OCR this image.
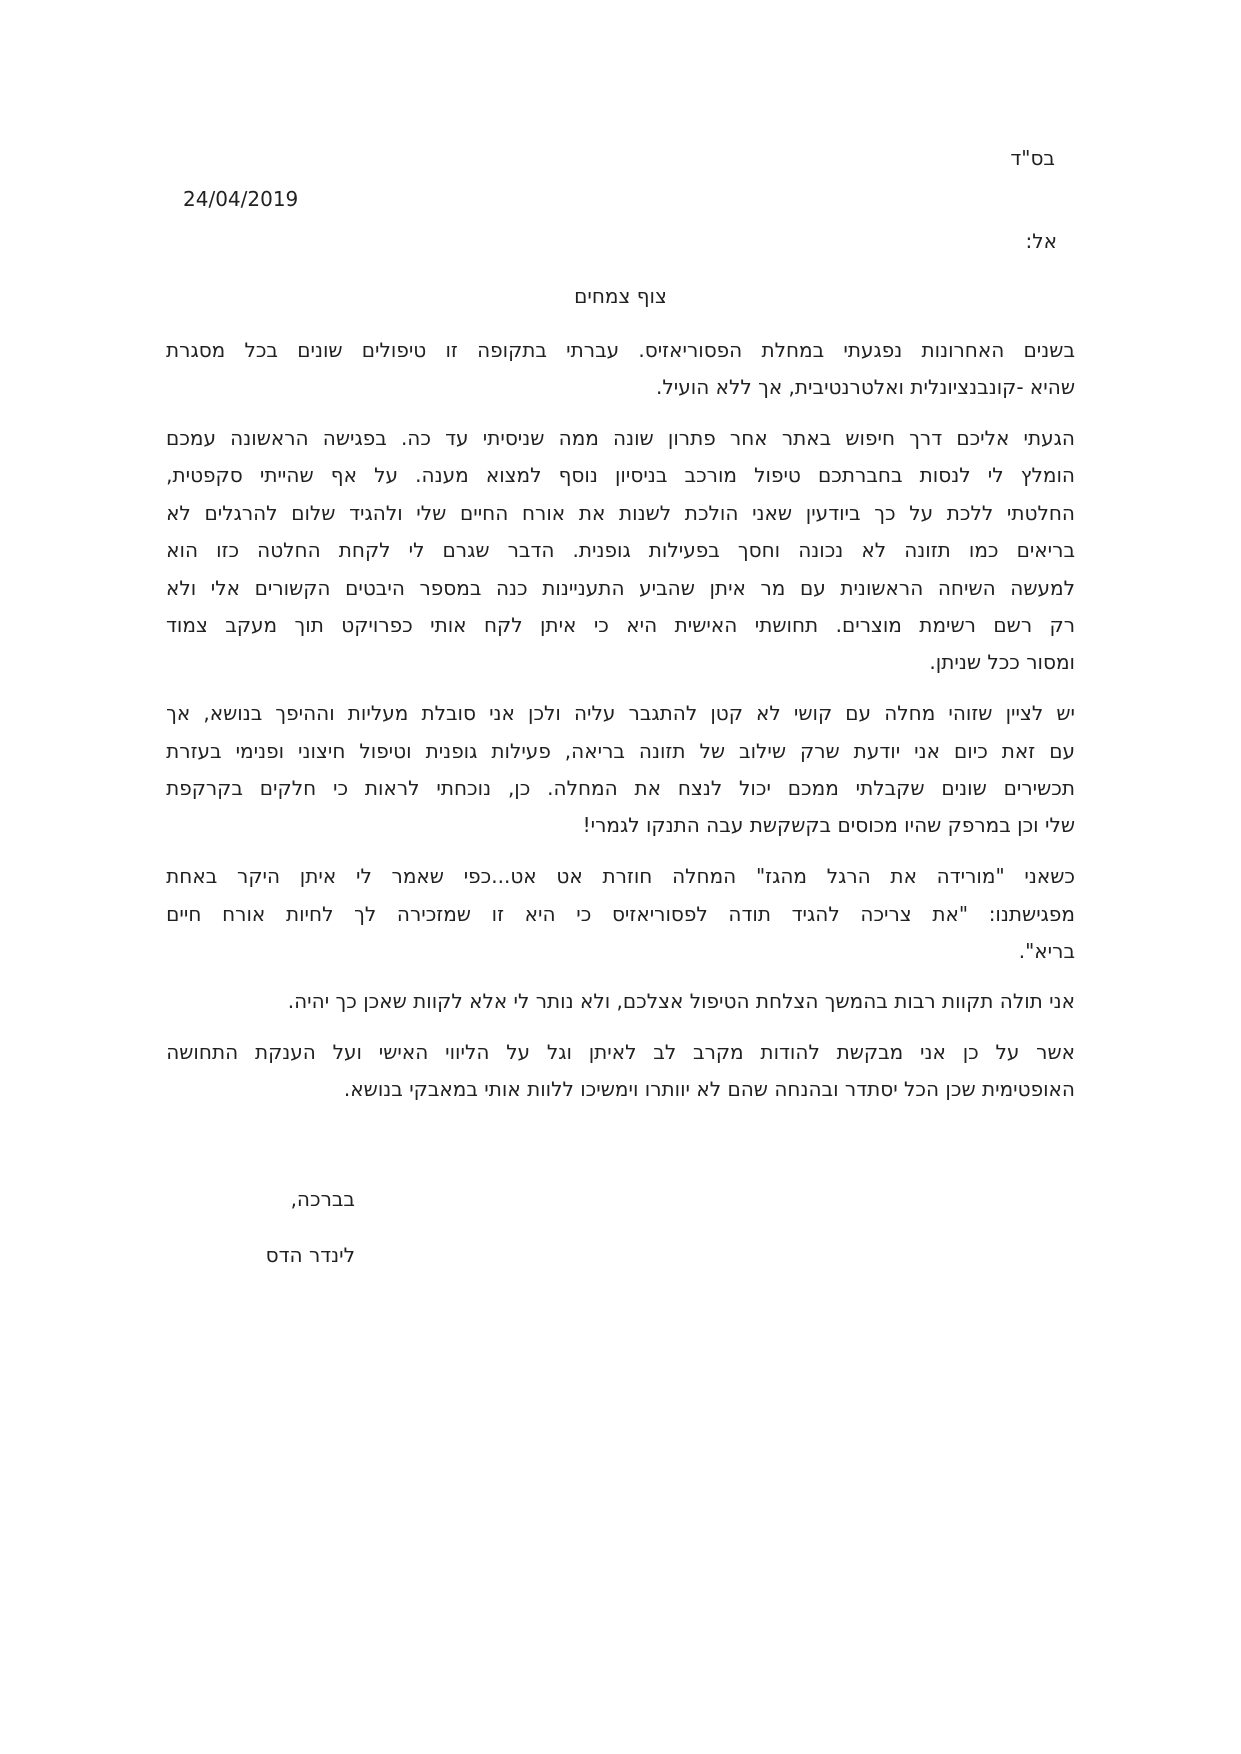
בס"ד
24/04/2019
אל:
צוף צמחים
בשנים
האחרונות
נפגעתי
במחלת
הפסוריאזיס.
עברתי
בתקופה
זו
טיפולים
שונים
בכל
מסגרת
שהיא -קונבנציונלית ואלטרנטיבית, אך ללא הועיל.
הגעתי
אליכם
דרך
חיפוש
באתר
אחר
פתרון
שונה
ממה
שניסיתי
עד
כה.
בפגישה
הראשונה
עמכם
הומלץ
לי
לנסות
בחברתכם
טיפול
מורכב
בניסיון
נוסף
למצוא
מענה.
על
אף
שהייתי
סקפטית,
החלטתי
ללכת
על
כך
ביודעין
שאני
הולכת
לשנות
את
אורח
החיים
שלי
ולהגיד
שלום
להרגלים
לא
בריאים
כמו
תזונה
לא
נכונה
וחסך
בפעילות
גופנית.
הדבר
שגרם
לי
לקחת
החלטה
כזו
הוא
למעשה
השיחה
הראשונית
עם
מר
איתן
שהביע
התעניינות
כנה
במספר
היבטים
הקשורים
אלי
ולא
רק
רשם
רשימת
מוצרים.
תחושתי
האישית
היא
כי
איתן
לקח
אותי
כפרויקט
תוך
מעקב
צמוד
ומסור ככל שניתן.
יש
לציין
שזוהי
מחלה
עם
קושי
לא
קטן
להתגבר
עליה
ולכן
אני
סובלת
מעליות
וההיפך
בנושא,
אך
עם
זאת
כיום
אני
יודעת
שרק
שילוב
של
תזונה
בריאה,
פעילות
גופנית
וטיפול
חיצוני
ופנימי
בעזרת
תכשירים
שונים
שקבלתי
ממכם
יכול
לנצח
את
המחלה.
כן,
נוכחתי
לראות
כי
חלקים
בקרקפת
שלי וכן במרפק שהיו מכוסים בקשקשת עבה התנקו לגמרי!
כשאני
"מורידה
את
הרגל
מהגז"
המחלה
חוזרת
אט
אט...כפי
שאמר
לי
איתן
היקר
באחת
מפגישתנו:
"את
צריכה
להגיד
תודה
לפסוריאזיס
כי
היא
זו
שמזכירה
לך
לחיות
אורח
חיים
בריא".
אני תולה תקוות רבות בהמשך הצלחת הטיפול אצלכם, ולא נותר לי אלא לקוות שאכן כך יהיה.
אשר
על
כן
אני
מבקשת
להודות
מקרב
לב
לאיתן
וגל
על
הליווי
האישי
ועל
הענקת
התחושה
האופטימית שכן הכל יסתדר ובהנחה שהם לא יוותרו וימשיכו ללוות אותי במאבקי בנושא.
בברכה,
לינדר הדס
